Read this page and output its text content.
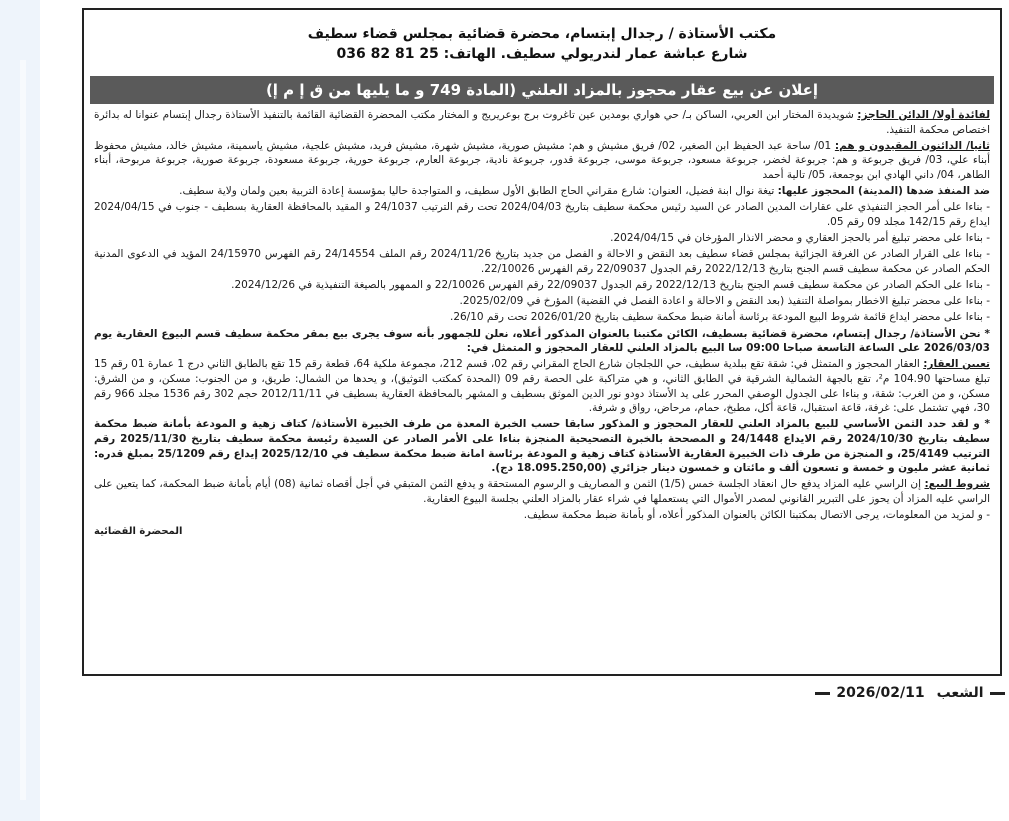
مكتب الأستاذة / رجدال إبتسام، محضرة قضائية بمجلس قضاء سطيف
شارع عباشة عمار لندريولي سطيف. الهاتف: 25 81 82 036
إعلان عن بيع عقار محجوز بالمزاد العلني (المادة 749 و ما يليها من ق إ م إ)

لفائدة أولا/ الدائن الحاجز: شويديدة المختار ابن العربي، الساكن بـ/ حي هواري بومدين عين تاغروت برج بوعريريج و المختار مكتب المحضرة القضائية القائمة بالتنفيذ الأستاذة رجدال إبتسام عنوانا له بدائرة اختصاص محكمة التنفيذ.

ثانيا/ الدائنون المقيدون و هم: 01/ ساحة عبد الحفيظ ابن الصغير، 02/ فريق مشيش و هم: مشيش صورية، مشيش شهرة، مشيش فريد، مشيش علجية، مشيش ياسمينة، مشيش خالد، مشيش محفوظ أبناء علي، 03/ فريق جربوعة و هم: جربوعة لخضر، جربوعة مسعود، جربوعة موسى، جربوعة قدور، جربوعة نادية، جربوعة العارم، جربوعة حورية، جربوعة مسعودة، جربوعة صورية، جربوعة مربوحة، أبناء الطاهر، 04/ داني الهادي ابن بوجمعة، 05/ تالية أحمد

ضد المنفذ ضدها (المدينة) المحجوز عليها: تيغة نوال ابنة فضيل، العنوان: شارع مقراني الحاج الطابق الأول سطيف، و المتواجدة حاليا بمؤسسة إعادة التربية بعين ولمان ولاية سطيف.

- بناءا على أمر الحجز التنفيذي على عقارات المدين الصادر عن السيد رئيس محكمة سطيف بتاريخ 2024/04/03 تحت رقم الترتيب 24/1037 و المقيد بالمحافظة العقارية بسطيف - جنوب في 2024/04/15 ايداع رقم 142/15 مجلد 09 رقم 05.

- بناءا على محضر تبليغ أمر بالحجز العقاري و محضر الانذار المؤرخان في 2024/04/15.

- بناءا على القرار الصادر عن الغرفة الجزائية بمجلس قضاء سطيف بعد النقض و الاحالة و الفصل من جديد بتاريخ 2024/11/26 رقم الملف 24/14554 رقم الفهرس 24/15970 المؤيد في الدعوى المدنية الحكم الصادر عن محكمة سطيف قسم الجنح بتاريخ 2022/12/13 رقم الجدول 22/09037 رقم الفهرس 22/10026.

- بناءا على الحكم الصادر عن محكمة سطيف قسم الجنح بتاريخ 2022/12/13 رقم الجدول 22/09037 رقم الفهرس 22/10026 و الممهور بالصيغة التنفيذية في 2024/12/26.

- بناءا على محضر تبليغ الاخطار بمواصلة التنفيذ (بعد النقض و الاحالة و اعادة الفصل في القضية) المؤرخ في 2025/02/09.

- بناءا على محضر ايداع قائمة شروط البيع المودعة برئاسة أمانة ضبط محكمة سطيف بتاريخ 2026/01/20 تحت رقم 26/10.

* نحن الأستاذة/ رجدال إبتسام، محضرة قضائية بسطيف، الكائن مكتبنا بالعنوان المذكور أعلاه، نعلن للجمهور بأنه سوف يجرى بيع بمقر محكمة سطيف قسم البيوع العقارية يوم 2026/03/03 على الساعة التاسعة صباحا 09:00 سا البيع بالمزاد العلني للعقار المحجوز و المتمثل في:

تعيين العقار: العقار المحجوز و المتمثل في: شقة تقع ببلدية سطيف، حي اللجلجان شارع الحاج المقراني رقم 02، قسم 212، مجموعة ملكية 64، قطعة رقم 15 تقع بالطابق الثاني درج 1 عمارة 01 رقم 15 تبلغ مساحتها 104.90 م²، تقع بالجهة الشمالية الشرقية في الطابق الثاني، و هي متراكبة على الحصة رقم 09 (المحدة كمكتب التوثيق)، و يحدها من الشمال: طريق، و من الجنوب: مسكن، و من الشرق: مسكن، و من الغرب: شقة، و بناءا على الجدول الوصفي المحرر على يد الأستاذ دودو نور الدين الموثق بسطيف و المشهر بالمحافظة العقارية بسطيف في 2012/11/11 حجم 302 رقم 1536 مجلد 966 رقم 30، فهي تشتمل على: غرفة، قاعة استقبال، قاعة أكل، مطبخ، حمام، مرحاض، رواق و شرفة.

* و لقد حدد الثمن الأساسي للبيع بالمزاد العلني للعقار المحجوز و المذكور سابقا حسب الخبرة المعدة من طرف الخبيرة الأستاذة/ كتاف زهية و المودعة بأمانة ضبط محكمة سطيف بتاريخ 2024/10/30 رقم الايداع 24/1448 و المصححة بالخبرة التصحيحية المنجزة بناءا على الأمر الصادر عن السيدة رئيسة محكمة سطيف بتاريخ 2025/11/30 رقم الترتيب 25/4149، و المنجزة من طرف ذات الخبيرة العقارية الأستاذة كتاف زهية و المودعة برئاسة امانة ضبط محكمة سطيف في 2025/12/10 إيداع رقم 25/1209 بمبلغ قدره: ثمانية عشر مليون و خمسة و تسعون ألف و مائتان و خمسون دينار جزائري (18.095.250,00 دج).

شروط البيع: إن الراسي عليه المزاد يدفع حال انعقاد الجلسة خمس (1/5) الثمن و المصاريف و الرسوم المستحقة و يدفع الثمن المتبقي في أجل أقصاه ثمانية (08) أيام بأمانة ضبط المحكمة، كما يتعين على الراسي عليه المزاد أن يحوز على التبرير القانوني لمصدر الأموال التي يستعملها في شراء عقار بالمزاد العلني بجلسة البيوع العقارية.

- و لمزيد من المعلومات، يرجى الاتصال بمكتبنا الكائن بالعنوان المذكور أعلاه، أو بأمانة ضبط محكمة سطيف.

المحضرة القضائية
الشعب
2026/02/11
